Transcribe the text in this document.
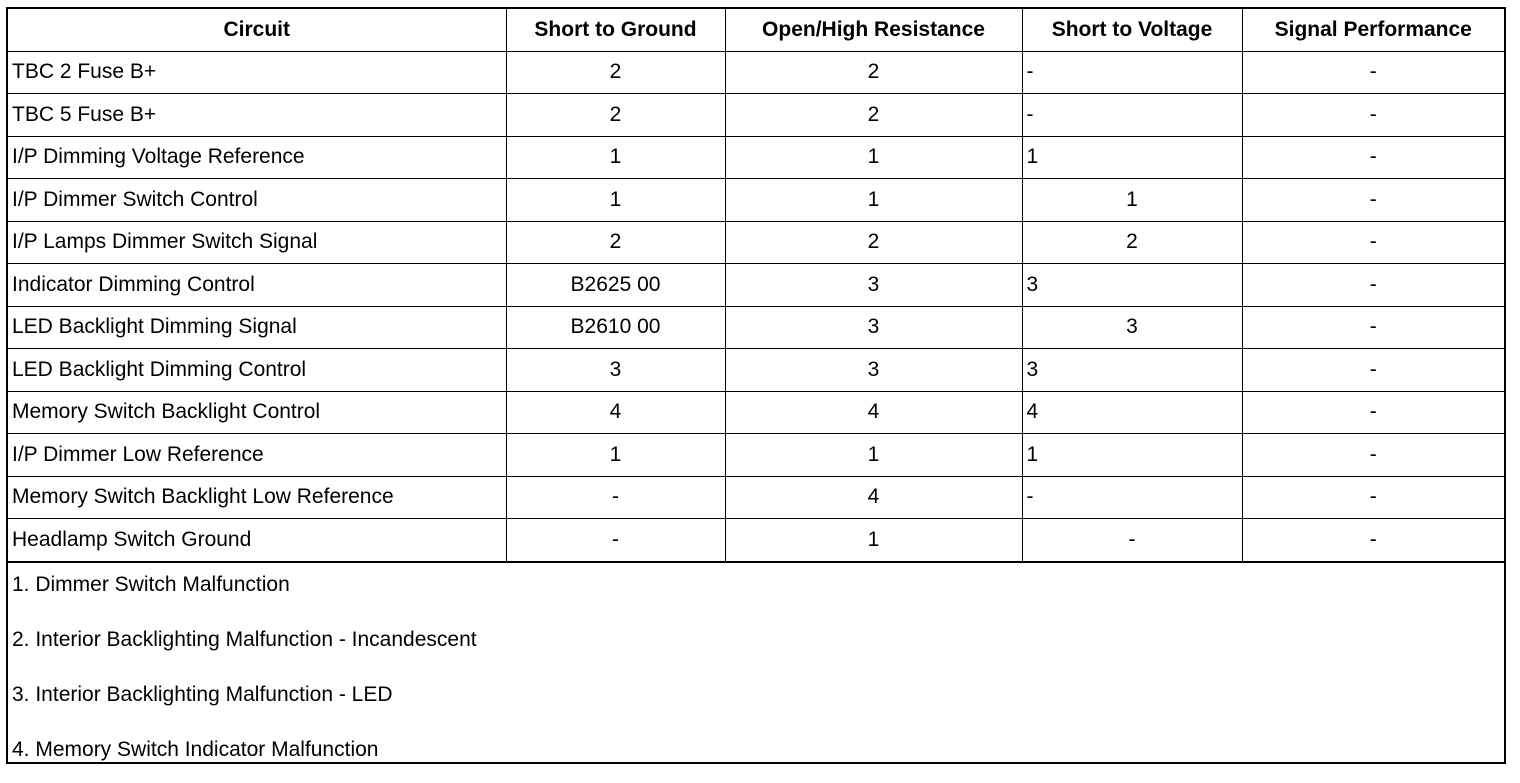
Circuit	Short to Ground	Open/High Resistance	Short to Voltage	Signal Performance
TBC 2 Fuse B+	2	2	-	-
TBC 5 Fuse B+	2	2	-	-
I/P Dimming Voltage Reference	1	1	1	-
I/P Dimmer Switch Control	1	1	1	-
I/P Lamps Dimmer Switch Signal	2	2	2	-
Indicator Dimming Control	B2625 00	3	3	-
LED Backlight Dimming Signal	B2610 00	3	3	-
LED Backlight Dimming Control	3	3	3	-
Memory Switch Backlight Control	4	4	4	-
I/P Dimmer Low Reference	1	1	1	-
Memory Switch Backlight Low Reference	-	4	-	-
Headlamp Switch Ground	-	1	-	-
1. Dimmer Switch Malfunction
2. Interior Backlighting Malfunction - Incandescent
3. Interior Backlighting Malfunction - LED
4. Memory Switch Indicator Malfunction
